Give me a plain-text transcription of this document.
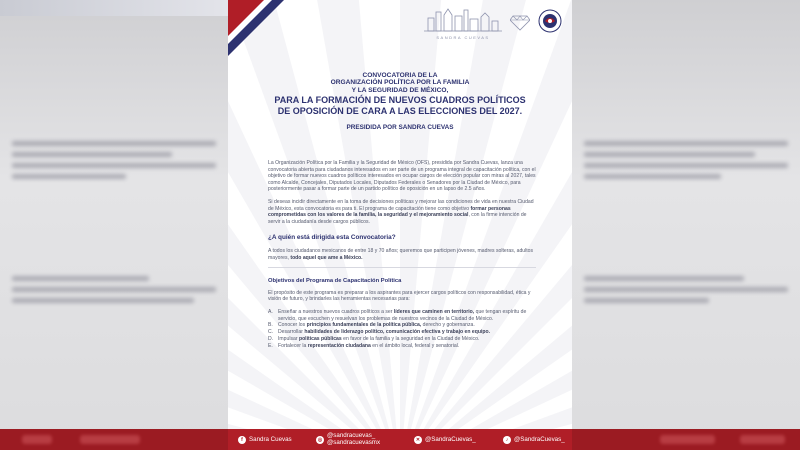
SANDRA CUEVAS
CONVOCATORIA DE LA
ORGANIZACIÓN POLÍTICA POR LA FAMILIA
Y LA SEGURIDAD DE MÉXICO,
PARA LA FORMACIÓN DE NUEVOS CUADROS POLÍTICOS
DE OPOSICIÓN DE CARA A LAS ELECCIONES DEL 2027.
PRESIDIDA POR SANDRA CUEVAS

La Organización Política por la Familia y la Seguridad de México (OFS), presidida por Sandra Cuevas, lanza una convocatoria abierta para ciudadanos interesados en ser parte de un programa integral de capacitación política, con el objetivo de formar nuevos cuadros políticos interesados en ocupar cargos de elección popular con miras al 2027, tales como Alcalde, Concejales, Diputados Locales, Diputados Federales o Senadores por la Ciudad de México, para posteriormente pasar a formar parte de un partido político de oposición en un lapso de 2.5 años.

Si deseas incidir directamente en la toma de decisiones políticas y mejorar las condiciones de vida en nuestra Ciudad de México, esta convocatoria es para ti. El programa de capacitación tiene como objetivo formar personas comprometidas con los valores de la familia, la seguridad y el mejoramiento social, con la firme intención de servir a la ciudadanía desde cargos públicos.

¿A quién está dirigida esta Convocatoria?

A todos los ciudadanos mexicanos de entre 18 y 70 años; queremos que participen jóvenes, madres solteras, adultos mayores, todo aquel que ame a México.

Objetivos del Programa de Capacitación Política

El propósito de este programa es preparar a los aspirantes para ejercer cargos políticos con responsabilidad, ética y visión de futuro, y brindarles las herramientas necesarias para:

A.	Enseñar a nuestros nuevos cuadros políticos a ser líderes que caminen en territorio, que tengan espíritu de servicio, que escuchen y resuelvan los problemas de nuestros vecinos de la Ciudad de México.
B.	Conocer los principios fundamentales de la política pública, derecho y gobernanza.
C. Desarrollar habilidades de liderazgo político, comunicación efectiva y trabajo en equipo.
D. Impulsar políticas públicas en favor de la familia y la seguridad en la Ciudad de México.
E.	Fortalecer la representación ciudadana en el ámbito local, federal y senatorial.
f Sandra Cuevas	◎
@sandracuevas_
@sandracuevasmx	✕ @SandraCuevas_	♪ @SandraCuevas_
